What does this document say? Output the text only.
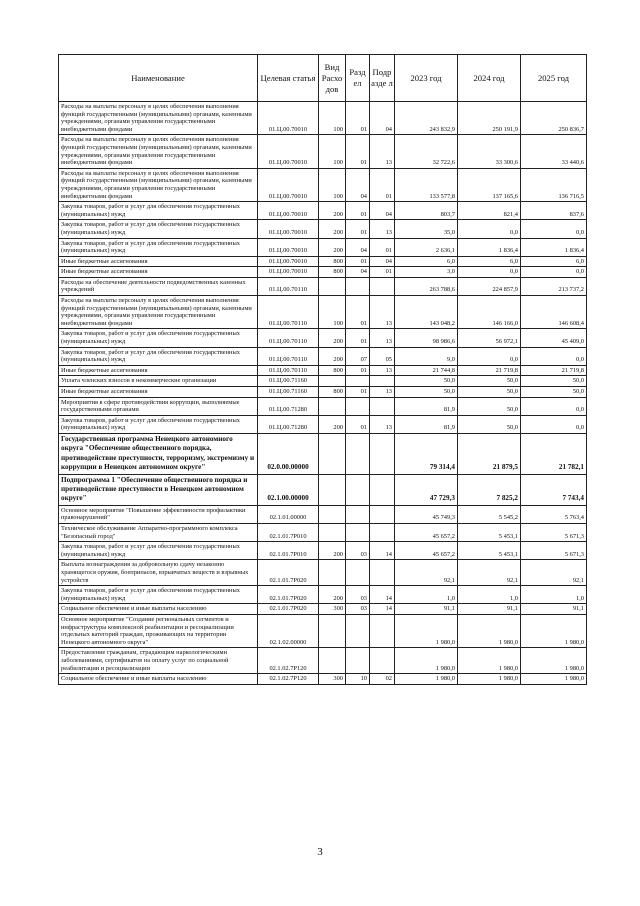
Наименование	Целевая статья	Вид Расхо дов	Разд ел	Подр азде л	2023 год	2024 год	2025 год
Расходы на выплаты персоналу в целях обеспечения выполнения функций государственными (муниципальными) органами, казенными учреждениями, органами управления государственными внебюджетными фондами	01.Ц.00.70010	100	01	04	243 832,9	250 191,9	250 836,7
Расходы на выплаты персоналу в целях обеспечения выполнения функций государственными (муниципальными) органами, казенными учреждениями, органами управления государственными внебюджетными фондами	01.Ц.00.70010	100	01	13	32 722,6	33 300,6	33 440,6
Расходы на выплаты персоналу в целях обеспечения выполнения функций государственными (муниципальными) органами, казенными учреждениями, органами управления государственными внебюджетными фондами	01.Ц.00.70010	100	04	01	133 577,8	137 165,6	136 716,5
Закупка товаров, работ и услуг для обеспечения государственных (муниципальных) нужд	01.Ц.00.70010	200	01	04	803,7	821,4	837,6
Закупка товаров, работ и услуг для обеспечения государственных (муниципальных) нужд	01.Ц.00.70010	200	01	13	35,0	0,0	0,0
Закупка товаров, работ и услуг для обеспечения государственных (муниципальных) нужд	01.Ц.00.70010	200	04	01	2 636,1	1 836,4	1 836,4
Иные бюджетные ассигнования	01.Ц.00.70010	800	01	04	6,0	6,0	6,0
Иные бюджетные ассигнования	01.Ц.00.70010	800	04	01	3,0	0,0	0,0
Расходы на обеспечение деятельности подведомственных казенных учреждений	01.Ц.00.70110				263 788,6	224 857,9	213 737,2
Расходы на выплаты персоналу в целях обеспечения выполнения функций государственными (муниципальными) органами, казенными учреждениями, органами управления государственными внебюджетными фондами	01.Ц.00.70110	100	01	13	143 048,2	146 166,0	146 608,4
Закупка товаров, работ и услуг для обеспечения государственных (муниципальных) нужд	01.Ц.00.70110	200	01	13	98 986,6	56 972,1	45 409,0
Закупка товаров, работ и услуг для обеспечения государственных (муниципальных) нужд	01.Ц.00.70110	200	07	05	9,0	0,0	0,0
Иные бюджетные ассигнования	01.Ц.00.70110	800	01	13	21 744,8	21 719,8	21 719,8
Уплата членских взносов в некоммерческие организации	01.Ц.00.71160				50,0	50,0	50,0
Иные бюджетные ассигнования	01.Ц.00.71160	800	01	13	50,0	50,0	50,0
Мероприятия в сфере противодействия коррупции, выполняемые государственными органами	01.Ц.00.71280				81,9	50,0	0,0
Закупка товаров, работ и услуг для обеспечения государственных (муниципальных) нужд	01.Ц.00.71280	200	01	13	81,9	50,0	0,0
Государственная программа Ненецкого автономного округа "Обеспечение общественного порядка, противодействие преступности, терроризму, экстремизму и коррупции в Ненецком автономном округе"	02.0.00.00000				79 314,4	21 879,5	21 782,1
Подпрограмма 1 "Обеспечение общественного порядка и противодействие преступности в Ненецком автономном округе"	02.1.00.00000				47 729,3	7 825,2	7 743,4
Основное мероприятие "Повышение эффективности профилактики правонарушений"	02.1.01.00000				45 749,3	5 545,2	5 763,4
Техническое обслуживание Аппаратно-программного комплекса "Безопасный город"	02.1.01.7Р010				45 657,2	5 453,1	5 671,3
Закупка товаров, работ и услуг для обеспечения государственных (муниципальных) нужд	02.1.01.7Р010	200	03	14	45 657,2	5 453,1	5 671,3
Выплата вознаграждения за добровольную сдачу незаконно хранящегося оружия, боеприпасов, взрывчатых веществ и взрывных устройств	02.1.01.7Р020				92,1	92,1	92,1
Закупка товаров, работ и услуг для обеспечения государственных (муниципальных) нужд	02.1.01.7Р020	200	03	14	1,0	1,0	1,0
Социальное обеспечение и иные выплаты населению	02.1.01.7Р020	300	03	14	91,1	91,1	91,1
Основное мероприятие "Создание региональных сегментов и инфраструктуры комплексной реабилитации и ресоциализации отдельных категорий граждан, проживающих на территории Ненецкого автономного округа"	02.1.02.00000				1 980,0	1 980,0	1 980,0
Предоставление гражданам, страдающим наркологическими заболеваниями, сертификатов на оплату услуг по социальной реабилитации и ресоциализации	02.1.02.7Р120				1 980,0	1 980,0	1 980,0
Социальное обеспечение и иные выплаты населению	02.1.02.7Р120	300	10	02	1 980,0	1 980,0	1 980,0
3
